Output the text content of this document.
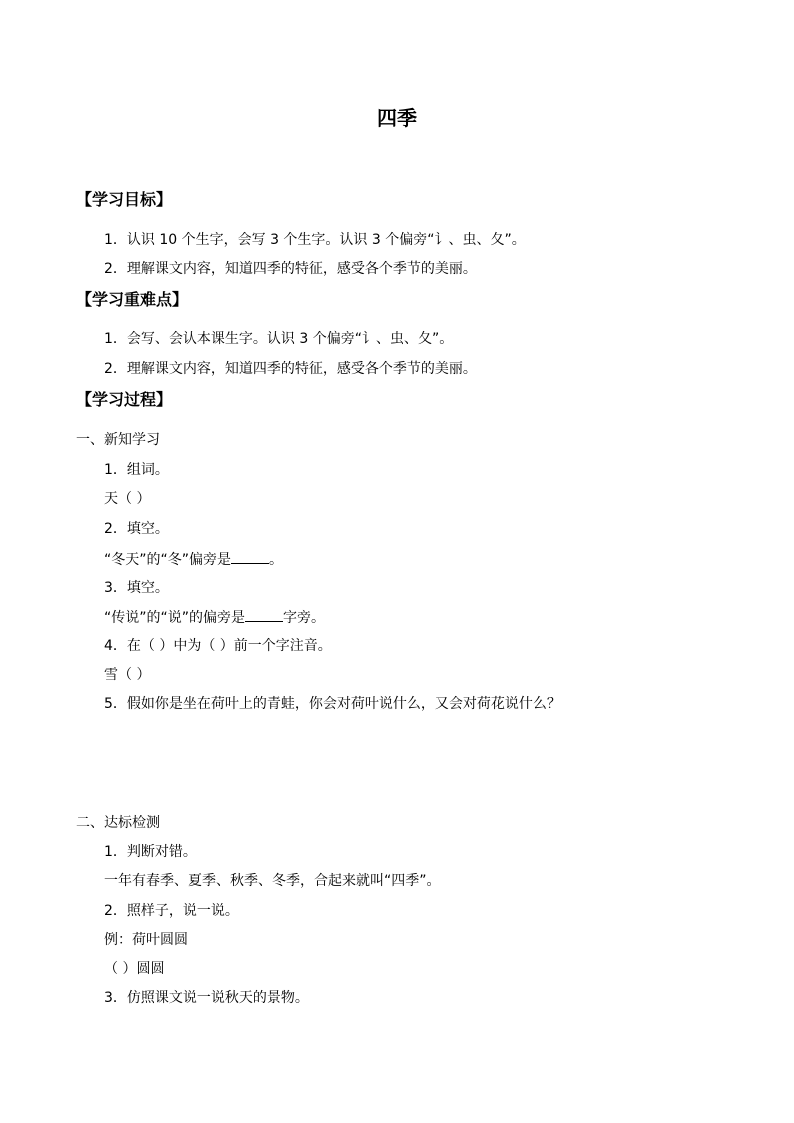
四季
【学习目标】
1．认识 10 个生字，会写 3 个生字。认识 3 个偏旁“讠、虫、夂”。
2．理解课文内容，知道四季的特征，感受各个季节的美丽。
【学习重难点】
1．会写、会认本课生字。认识 3 个偏旁“讠、虫、夂”。
2．理解课文内容，知道四季的特征，感受各个季节的美丽。
【学习过程】
一、新知学习
1．组词。
天（ ）
2．填空。
“冬天”的“冬”偏旁是	。
3．填空。
“传说”的“说”的偏旁是	字旁。
4．在（ ）中为（ ）前一个字注音。
雪（ ）
5．假如你是坐在荷叶上的青蛙，你会对荷叶说什么，又会对荷花说什么？
二、达标检测
1．判断对错。
一年有春季、夏季、秋季、冬季，合起来就叫“四季”。
2．照样子，说一说。
例：荷叶圆圆
（ ）圆圆
3．仿照课文说一说秋天的景物。
